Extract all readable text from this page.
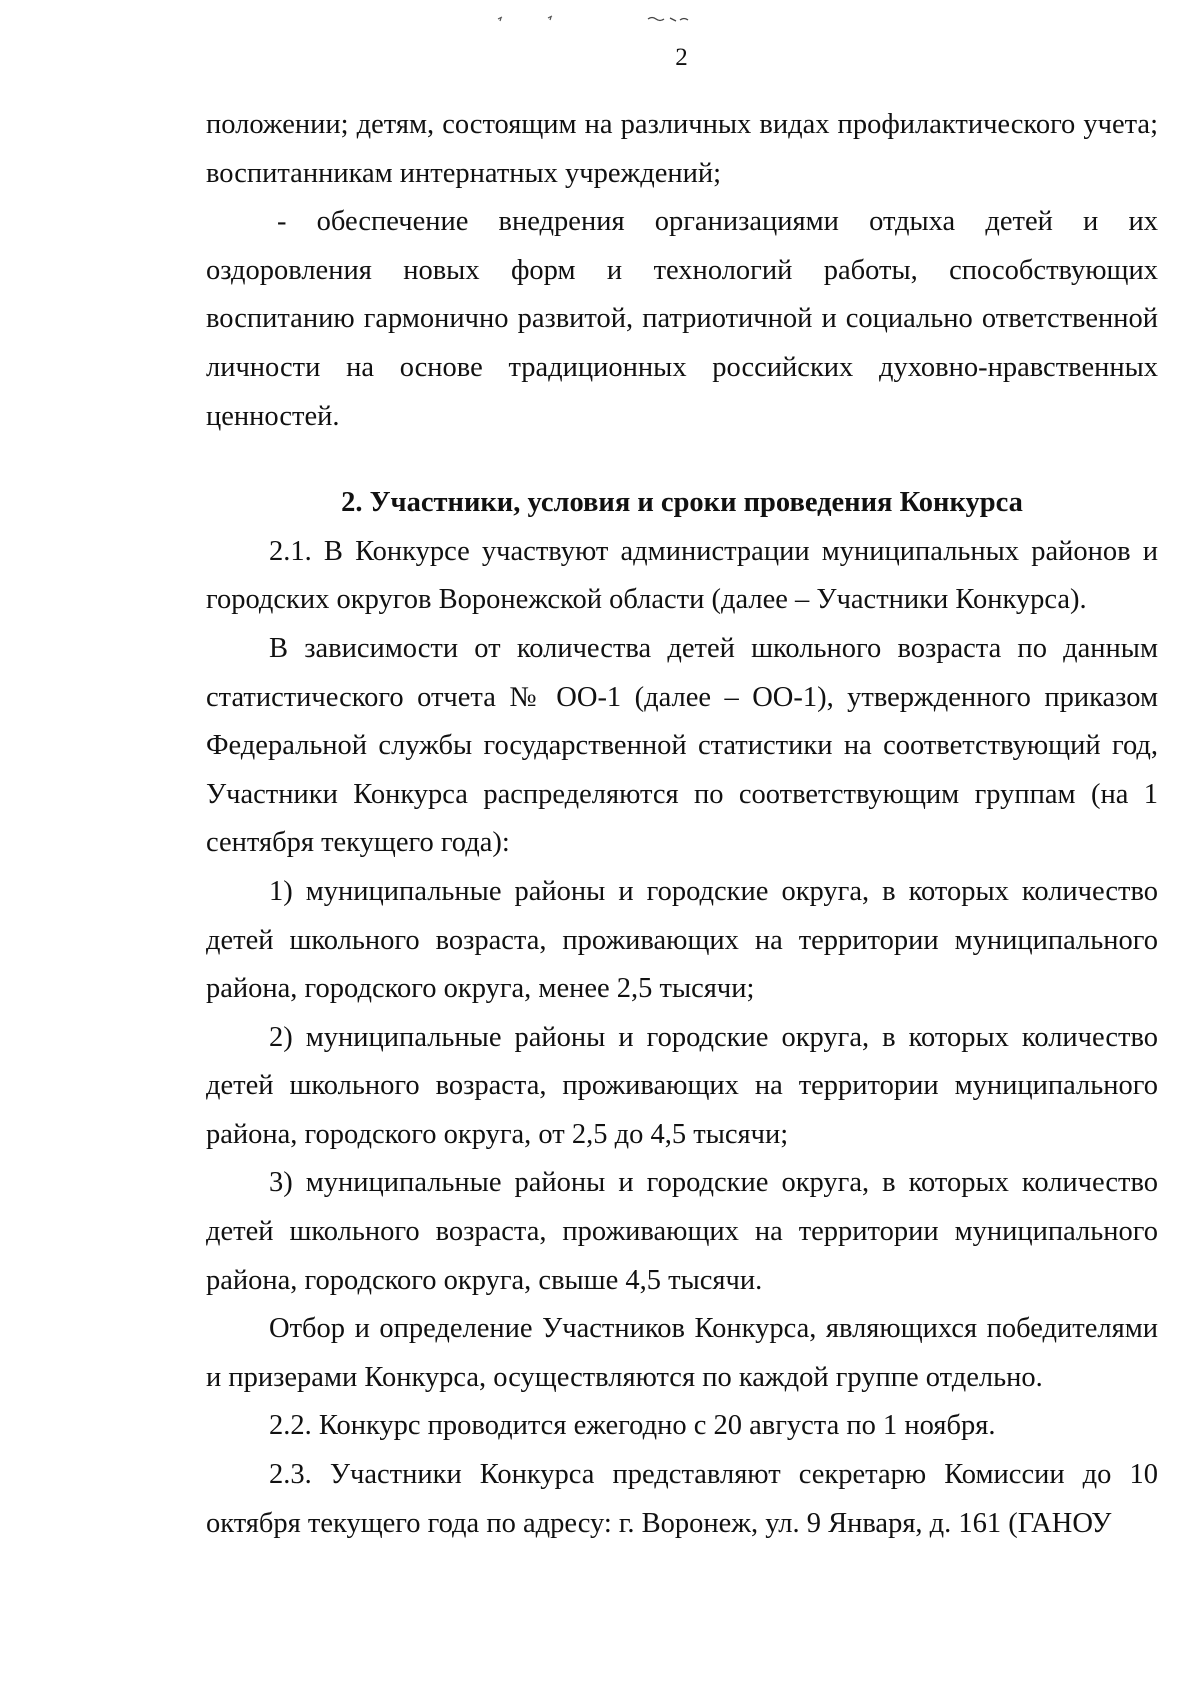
2

положении; детям, состоящим на различных видах профилактического учета; воспитанникам интернатных учреждений;

- обеспечение внедрения организациями отдыха детей и их оздоровления новых форм и технологий работы, способствующих воспитанию гармонично развитой, патриотичной и социально ответственной личности на основе традиционных российских духовно-нравственных ценностей.

2. Участники, условия и сроки проведения Конкурса

2.1. В Конкурсе участвуют администрации муниципальных районов и городских округов Воронежской области (далее – Участники Конкурса).

В зависимости от количества детей школьного возраста по данным статистического отчета № ОО-1 (далее – ОО-1), утвержденного приказом Федеральной службы государственной статистики на соответствующий год, Участники Конкурса распределяются по соответствующим группам (на 1 сентября текущего года):

1) муниципальные районы и городские округа, в которых количество детей школьного возраста, проживающих на территории муниципального района, городского округа, менее 2,5 тысячи;

2) муниципальные районы и городские округа, в которых количество детей школьного возраста, проживающих на территории муниципального района, городского округа, от 2,5 до 4,5 тысячи;

3) муниципальные районы и городские округа, в которых количество детей школьного возраста, проживающих на территории муниципального района, городского округа, свыше 4,5 тысячи.

Отбор и определение Участников Конкурса, являющихся победителями и призерами Конкурса, осуществляются по каждой группе отдельно.

2.2. Конкурс проводится ежегодно с 20 августа по 1 ноября.

2.3. Участники Конкурса представляют секретарю Комиссии до 10 октября текущего года по адресу: г. Воронеж, ул. 9 Января, д. 161 (ГАНОУ
